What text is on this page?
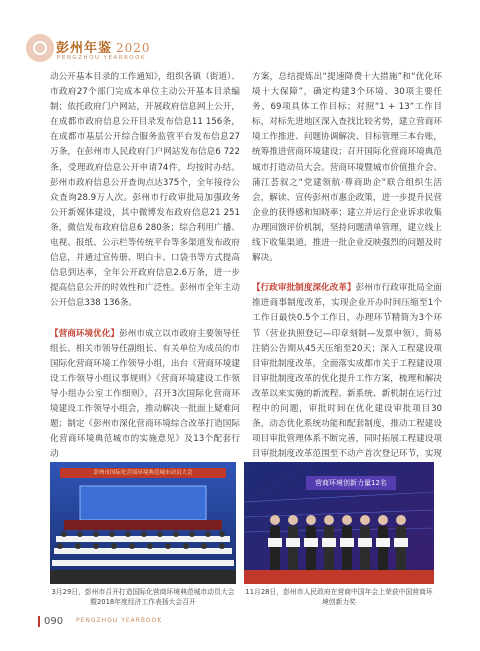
彭州年鉴 2020
PENGZHOU YEARBOOK

动公开基本目录的工作通知》，组织各镇（街道）、市政府27个部门完成本单位主动公开基本目录编制；依托政府门户网站，开展政府信息网上公开，在成都市政府信息公开目录发布信息11 156条，在成都市基层公开综合服务监管平台发布信息27万条，在彭州市人民政府门户网站发布信息6 722条，受理政府信息公开申请74件，均按时办结。彭州市政府信息公开查询点达375个，全年接待公众查询28.9万人次。彭州市行政审批局加强政务公开新媒体建设，其中微博发布政府信息21 251条，微信发布政府信息6 280条；综合利用广播、电视、报纸、公示栏等传统平台等多渠道发布政府信息，并通过宣传册、明白卡、口袋书等方式提高信息到达率，全年公开政府信息2.6万条，进一步提高信息公开的时效性和广泛性。彭州市全年主动公开信息338 136条。

【营商环境优化】彭州市成立以市政府主要领导任组长、相关市领导任副组长、有关单位为成员的市国际化营商环境工作领导小组，出台《营商环境建设工作领导小组议事规则》《营商环境建设工作领导小组办公室工作细则》，召开3次国际化营商环境建设工作领导小组会，推动解决一批面上疑难问题；制定《彭州市深化营商环境综合改革打造国际化营商环境典范城市的实施意见》及13个配套行动

方案，总结提炼出“提速降费十大措施”和“优化环境十大保障”，确定构建3个环境、30项主要任务、69项具体工作目标；对照“1 + 13”工作目标，对标先进地区深入查找比较劣势，建立营商环境工作推进、问题协调解决、目标管理三本台账，统筹推进营商环境建设；召开国际化营商环境典范城市打造动员大会。营商环境暨城市价值推介会、蒲江荟叙之“党建领航·尊商助企”联合组织生活会，解读、宣传彭州市惠企政策，进一步提升民营企业的获得感和知晓率；建立并运行企业诉求收集办理回馈评价机制，坚持问题清单管理，建立线上线下收集渠道，推进一批企业反映强烈的问题及时解决。

【行政审批制度深化改革】彭州市行政审批局全面推进商事制度改革，实现企业开办时间压缩至1个工作日最快0.5个工作日，办理环节精简为3个环节（营业执照登记—印章刻制—发票申领），简易注销公告期从45天压缩至20天；深入工程建设项目审批制度改革，全面落实成都市关于工程建设项目审批制度改革的优化提升工作方案，梳理和解决改革以来实施的新流程、新系统、新机制在运行过程中的问题，审批时间在优化建设审批项目30条，动态优化系统功能和配套制度，推动工程建设项目审批管理体系不断完善，同时拓展工程建设项目审批制度改革范围至不动产首次登记环节，实现

彭州市国际化营商环境典范城市动员大会
营商环境创新力量12名
3月29日，彭州市召开打造国际化营商环境典范城市动员大会暨2018年度经济工作表扬大会召开
11月28日，彭州市人民政府在营商中国年会上荣获中国营商环境创新力奖
090 PENGZHOU YEARBOOK
